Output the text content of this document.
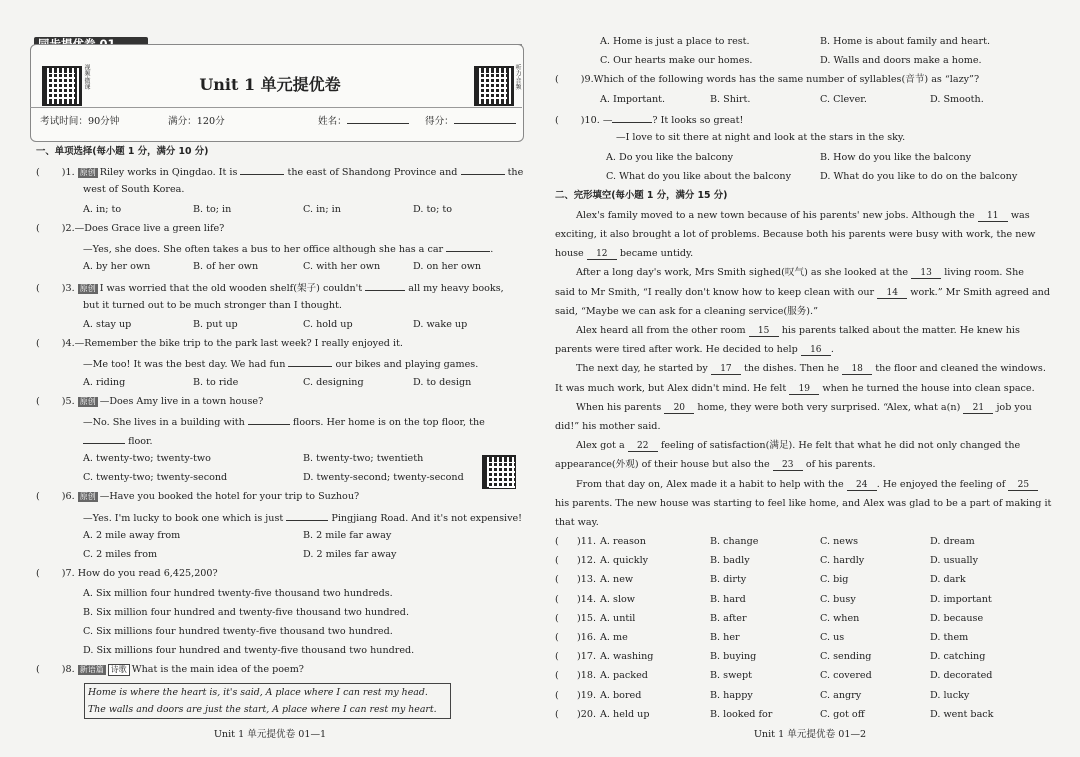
视频·微课	听力·音频
Unit 1 单元提优卷
考试时间：90分钟	满分：120分	姓名：	得分：
一、单项选择(每小题 1 分，满分 10 分)
( )1. 原创 Riley works in Qingdao. It is	the east of Shandong Province and	the
west of South Korea.
A. in; to	B. to; in	C. in; in	D. to; to
( )2.—Does Grace live a green life?
—Yes, she does. She often takes a bus to her office although she has a car	.
A. by her own	B. of her own	C. with her own	D. on her own
( )3. 原创 I was worried that the old wooden shelf(架子) couldn't	all my heavy books,
but it turned out to be much stronger than I thought.
A. stay up	B. put up	C. hold up	D. wake up
( )4.—Remember the bike trip to the park last week? I really enjoyed it.
—Me too! It was the best day. We had fun	our bikes and playing games.
A. riding	B. to ride	C. designing	D. to design
( )5. 原创 —Does Amy live in a town house?
—No. She lives in a building with	floors. Her home is on the top floor, the
floor.
A. twenty-two; twenty-two	B. twenty-two; twentieth
C. twenty-two; twenty-second	D. twenty-second; twenty-second
( )6. 原创 —Have you booked the hotel for your trip to Suzhou?
—Yes. I'm lucky to book one which is just	Pingjiang Road. And it's not expensive!
A. 2 mile away from	B. 2 mile far away
C. 2 miles from	D. 2 miles far away
( )7. How do you read 6,425,200?
A. Six million four hundred twenty-five thousand two hundreds.
B. Six million four hundred and twenty-five thousand two hundred.
C. Six millions four hundred twenty-five thousand two hundred.
D. Six millions four hundred and twenty-five thousand two hundred.
( )8. 新语篇 诗歌 What is the main idea of the poem?
Home is where the heart is, it's said, A place where I can rest my head.
The walls and doors are just the start, A place where I can rest my heart.
Unit 1 单元提优卷 01—1
A. Home is just a place to rest.	B. Home is about family and heart.
C. Our hearts make our homes.	D. Walls and doors make a home.
( )9.Which of the following words has the same number of syllables(音节) as “lazy”?
A. Important.	B. Shirt.	C. Clever.	D. Smooth.
( )10. —	? It looks so great!
—I love to sit there at night and look at the stars in the sky.
A. Do you like the balcony	B. How do you like the balcony
C. What do you like about the balcony	D. What do you like to do on the balcony
二、完形填空(每小题 1 分，满分 15 分)
Alex's family moved to a new town because of his parents' new jobs. Although the 11 was
exciting, it also brought a lot of problems. Because both his parents were busy with work, the new
house 12 became untidy.
After a long day's work, Mrs Smith sighed(叹气) as she looked at the 13 living room. She
said to Mr Smith, “I really don't know how to keep clean with our 14 work.” Mr Smith agreed and
said, “Maybe we can ask for a cleaning service(服务).”
Alex heard all from the other room 15 his parents talked about the matter. He knew his
parents were tired after work. He decided to help 16 .
The next day, he started by 17 the dishes. Then he 18 the floor and cleaned the windows.
It was much work, but Alex didn't mind. He felt 19 when he turned the house into clean space.
When his parents 20 home, they were both very surprised. “Alex, what a(n) 21 job you
did!” his mother said.
Alex got a 22 feeling of satisfaction(满足). He felt that what he did not only changed the
appearance(外观) of their house but also the 23 of his parents.
From that day on, Alex made it a habit to help with the 24 . He enjoyed the feeling of 25
his parents. The new house was starting to feel like home, and Alex was glad to be a part of making it
that way.
( )11. A. reason	B. change	C. news	D. dream
( )12. A. quickly	B. badly	C. hardly	D. usually
( )13. A. new	B. dirty	C. big	D. dark
( )14. A. slow	B. hard	C. busy	D. important
( )15. A. until	B. after	C. when	D. because
( )16. A. me	B. her	C. us	D. them
( )17. A. washing	B. buying	C. sending	D. catching
( )18. A. packed	B. swept	C. covered	D. decorated
( )19. A. bored	B. happy	C. angry	D. lucky
( )20. A. held up	B. looked for	C. got off	D. went back
Unit 1 单元提优卷 01—2
